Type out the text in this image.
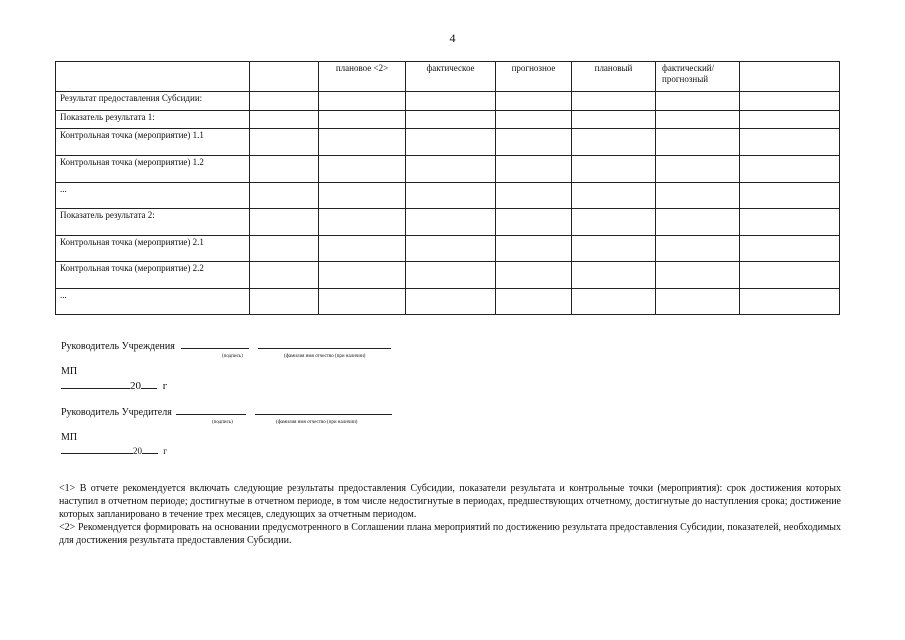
4
		плановое <2>	фактическое	прогнозное	плановый	фактический/ прогнозный	
Результат предоставления Субсидии:							
Показатель результата 1:							
Контрольная точка (мероприятие) 1.1							
Контрольная точка (мероприятие) 1.2							
...							
Показатель результата 2:							
Контрольная точка (мероприятие) 2.1							
Контрольная точка (мероприятие) 2.2							
...							
Руководитель Учреждения
(подпись)	(фамилия имя отчество (при наличии)
МП
20 г
Руководитель Учредителя
(подпись)	(фамилия имя отчество (при наличии)
МП
20 г

<1> В отчете рекомендуется включать следующие результаты предоставления Субсидии, показатели результата и контрольные точки (мероприятия): срок достижения которых наступил в отчетном периоде; достигнутые в отчетном периоде, в том числе недостигнутые в периодах, предшествующих отчетному, достигнутые до наступления срока; достижение которых запланировано в течение трех месяцев, следующих за отчетным периодом.

<2> Рекомендуется формировать на основании предусмотренного в Соглашении плана мероприятий по достижению результата предоставления Субсидии, показателей, необходимых для достижения результата предоставления Субсидии.
